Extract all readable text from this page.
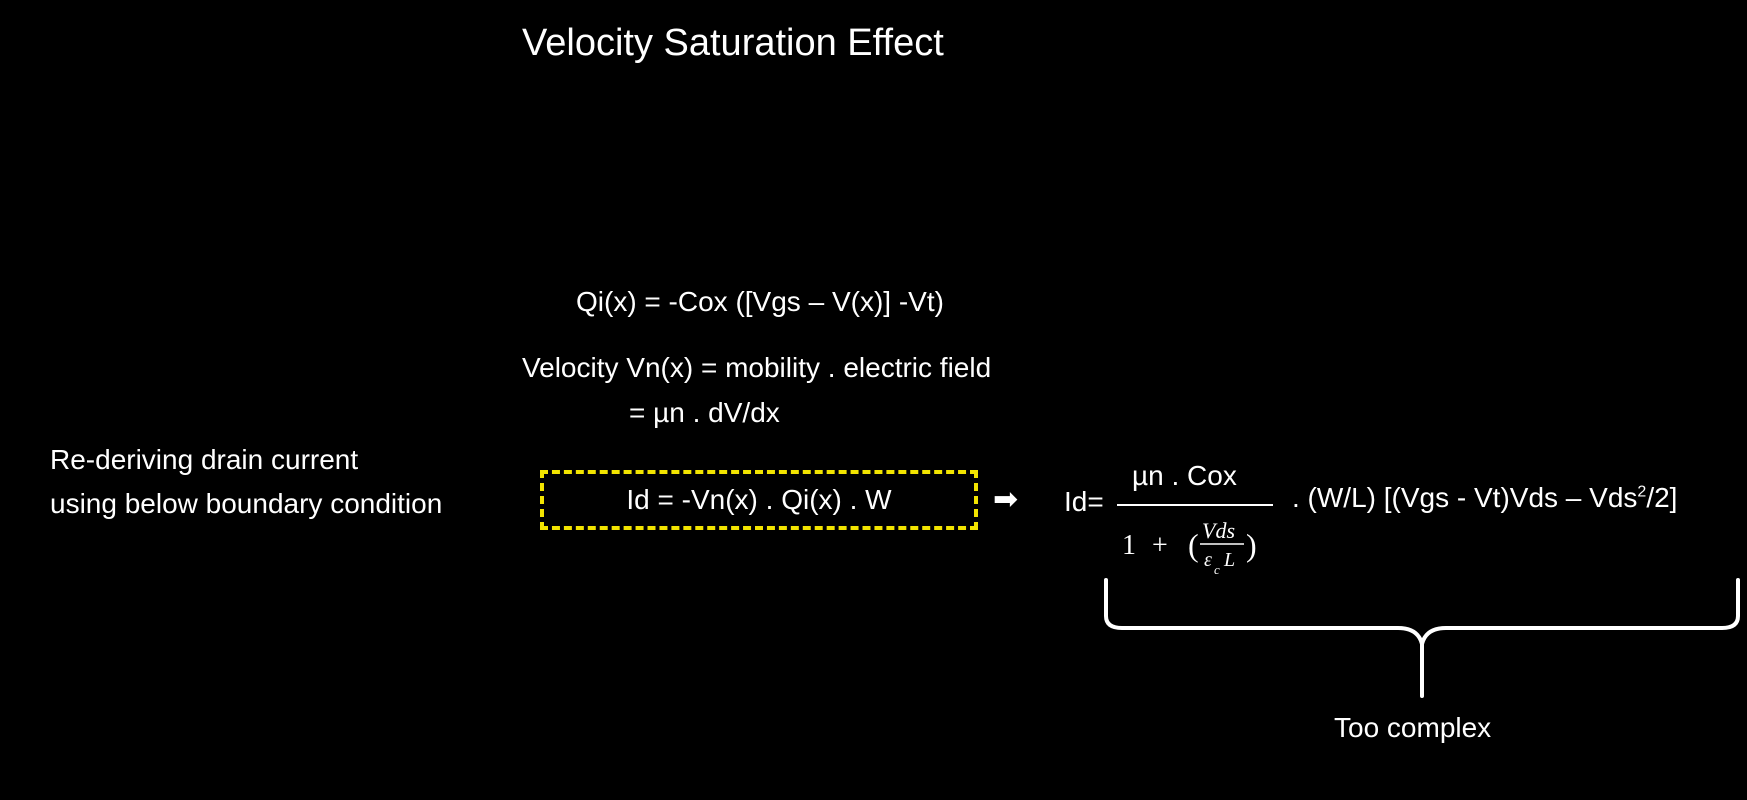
Velocity Saturation Effect
Qi(x) = -Cox ([Vgs – V(x)] -Vt)
Velocity Vn(x) = mobility . electric field
= µn . dV/dx
Re-deriving drain current
using below boundary condition	Id = -Vn(x) . Qi(x) . W	➡ Id=
µn . Cox
1 + ( Vds
ε c L )
. (W/L) [(Vgs - Vt)Vds – Vds$^2$/2]
Too complex
